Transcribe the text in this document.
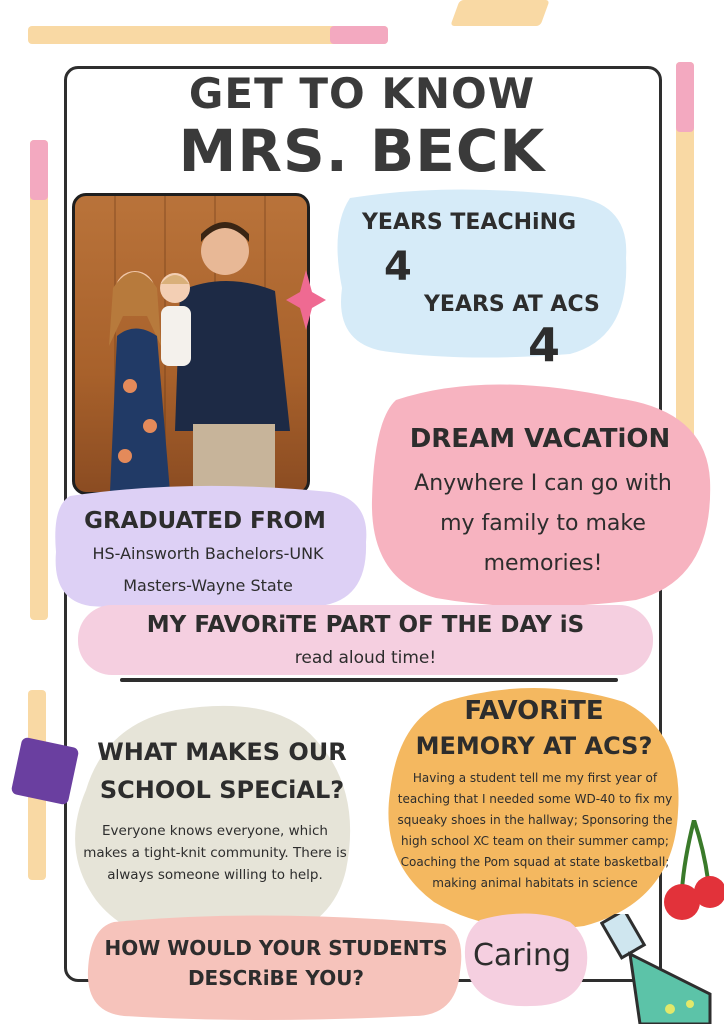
GET TO KNOW
MRS. BECK
YEARS TEACHiNG
4
YEARS AT ACS
4
DREAM VACATiON
Anywhere I can go with my family to make memories!
GRADUATED FROM
HS-Ainsworth Bachelors-UNK
Masters-Wayne State
MY FAVORiTE PART OF THE DAY iS
read aloud time!
WHAT MAKES OUR
SCHOOL SPECiAL?
Everyone knows everyone, which makes a tight-knit community. There is always someone willing to help.
FAVORiTE
MEMORY AT ACS?
Having a student tell me my first year of teaching that I needed some WD-40 to fix my squeaky shoes in the hallway; Sponsoring the high school XC team on their summer camp; Coaching the Pom squad at state basketball; making animal habitats in science
HOW WOULD YOUR STUDENTS
DESCRiBE YOU?
Caring
